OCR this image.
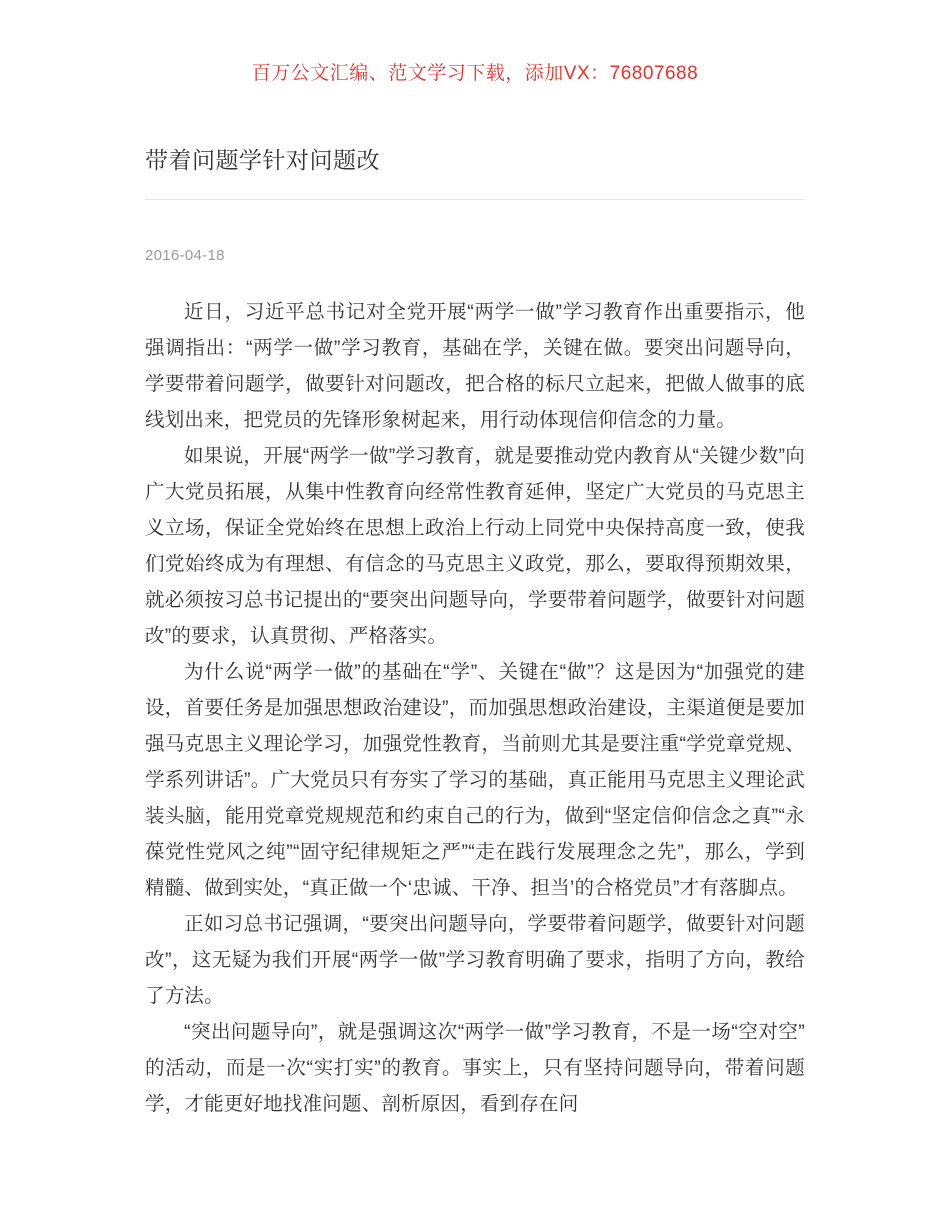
百万公文汇编、范文学习下载，添加VX：76807688
带着问题学针对问题改
2016-04-18

近日，习近平总书记对全党开展“两学一做”学习教育作出重要指示，他强调指出：“两学一做”学习教育，基础在学，关键在做。要突出问题导向，学要带着问题学，做要针对问题改，把合格的标尺立起来，把做人做事的底线划出来，把党员的先锋形象树起来，用行动体现信仰信念的力量。

如果说，开展“两学一做”学习教育，就是要推动党内教育从“关键少数”向广大党员拓展，从集中性教育向经常性教育延伸，坚定广大党员的马克思主义立场，保证全党始终在思想上政治上行动上同党中央保持高度一致，使我们党始终成为有理想、有信念的马克思主义政党，那么，要取得预期效果，就必须按习总书记提出的“要突出问题导向，学要带着问题学，做要针对问题改”的要求，认真贯彻、严格落实。

为什么说“两学一做”的基础在“学”、关键在“做”？这是因为“加强党的建设，首要任务是加强思想政治建设”，而加强思想政治建设，主渠道便是要加强马克思主义理论学习，加强党性教育，当前则尤其是要注重“学党章党规、学系列讲话”。广大党员只有夯实了学习的基础，真正能用马克思主义理论武装头脑，能用党章党规规范和约束自己的行为，做到“坚定信仰信念之真”“永葆党性党风之纯”“固守纪律规矩之严”“走在践行发展理念之先”，那么，学到精髓、做到实处，“真正做一个‘忠诚、干净、担当’的合格党员”才有落脚点。

正如习总书记强调，“要突出问题导向，学要带着问题学，做要针对问题改”，这无疑为我们开展“两学一做”学习教育明确了要求，指明了方向，教给了方法。

“突出问题导向”，就是强调这次“两学一做”学习教育，不是一场“空对空”的活动，而是一次“实打实”的教育。事实上，只有坚持问题导向，带着问题学，才能更好地找准问题、剖析原因，看到存在问
